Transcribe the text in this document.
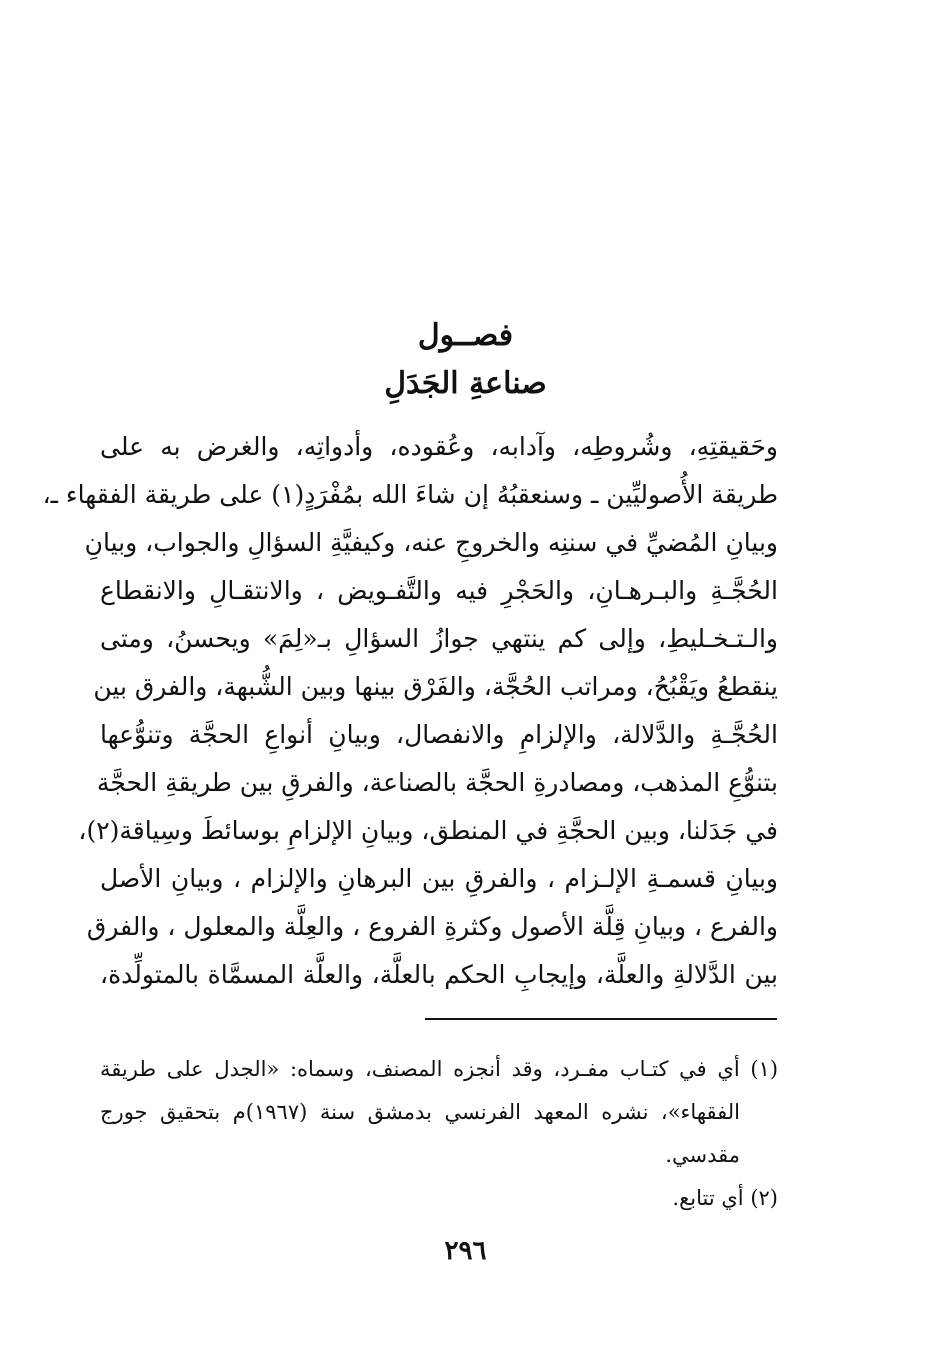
فصــول
صناعةِ الجَدَلِ
وحَقيقتِهِ، وشُروطِه، وآدابه، وعُقوده، وأدواتِه، والغرض به على
طريقة الأُصوليِّين ـ وسنعقبُهُ إن شاءَ الله بمُفْرَدٍ(١) على طريقة الفقهاء ـ،
وبيانِ المُضيِّ في سننِه والخروجِ عنه، وكيفيَّةِ السؤالِ والجواب، وبيانِ
الحُجَّـةِ والبـرهـانِ، والحَجْرِ فيه والتَّفـويض ، والانتقـالِ والانقطاع
والـتـخـليطِ، وإلى كم ينتهي جوازُ السؤالِ بـ«لِمَ» ويحسنُ، ومتى
ينقطعُ ويَقْبُحُ، ومراتب الحُجَّة، والفَرْق بينها وبين الشُّبهة، والفرق بين
الحُجَّـةِ والدَّلالة، والإلزامِ والانفصال، وبيانِ أنواعِ الحجَّة وتنوُّعها
بتنوُّعِ المذهب، ومصادرةِ الحجَّة بالصناعة، والفرقِ بين طريقةِ الحجَّة
في جَدَلنا، وبين الحجَّةِ في المنطق، وبيانِ الإلزامِ بوسائطَ وسِياقة(٢)،
وبيانِ قسمـةِ الإلـزام ، والفرقِ بين البرهانِ والإلزام ، وبيانِ الأصل
والفرع ، وبيانِ قِلَّة الأصول وكثرةِ الفروع ، والعِلَّة والمعلول ، والفرق
بين الدَّلالةِ والعلَّة، وإيجابِ الحكم بالعلَّة، والعلَّة المسمَّاة بالمتولِّدة،
(١) أي في كتـاب مفـرد، وقد أنجزه المصنف، وسماه: «الجدل على طريقة
الفقهاء»، نشره المعهد الفرنسي بدمشق سنة (١٩٦٧)م بتحقيق جورج
مقدسي.
(٢) أي تتابع.
٢٩٦
